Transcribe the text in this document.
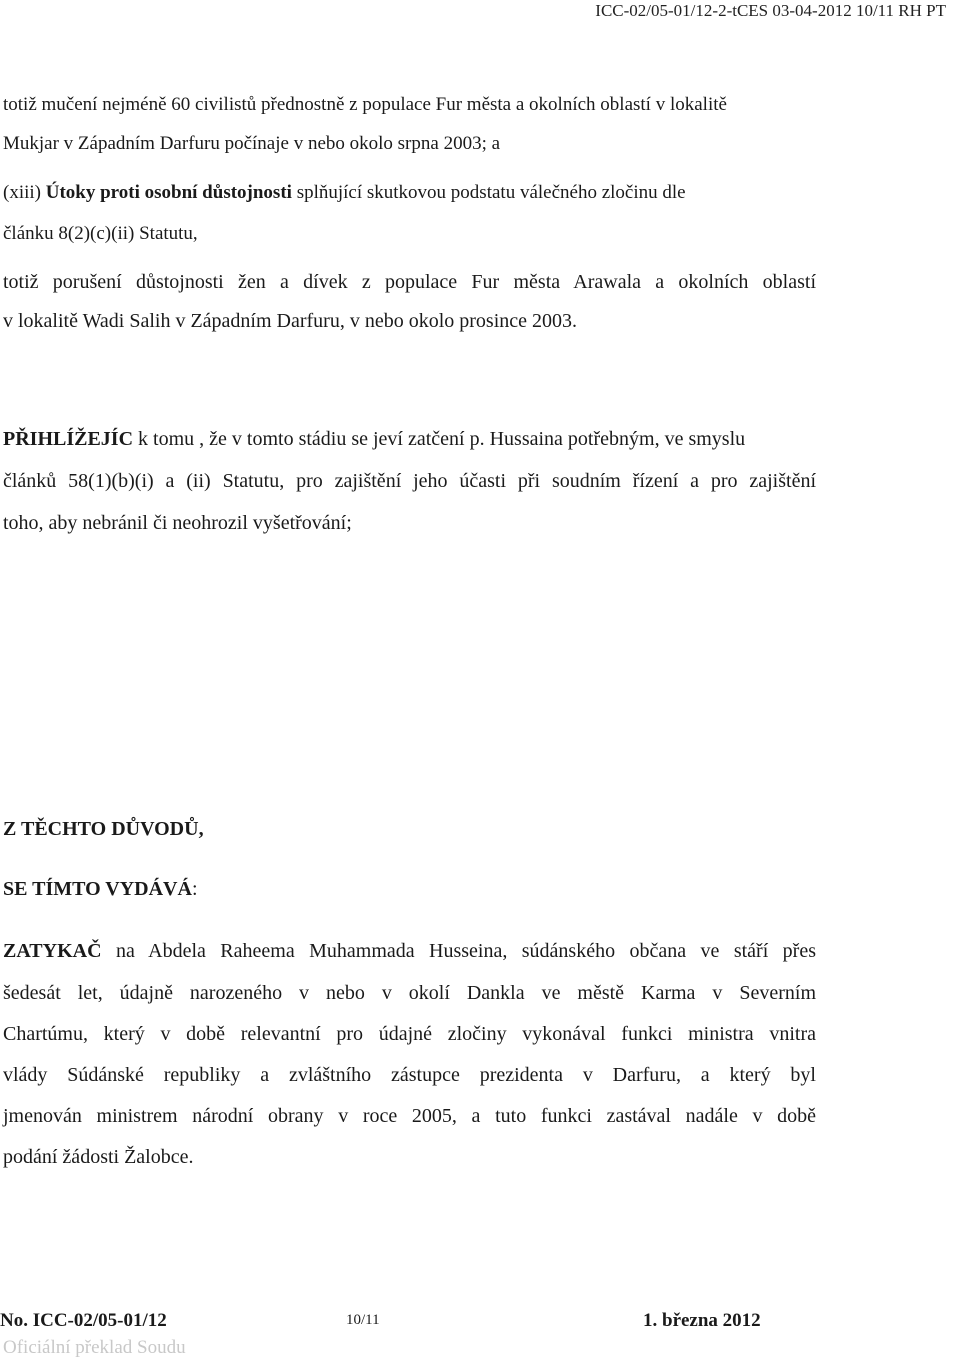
ICC-02/05-01/12-2-tCES 03-04-2012 10/11 RH PT
totiž mučení nejméně 60 civilistů přednostně z populace Fur města a okolních oblastí v lokalitě
Mukjar v Západním Darfuru počínaje v nebo okolo srpna 2003; a
(xiii) Útoky proti osobní důstojnosti splňující skutkovou podstatu válečného zločinu dle
článku 8(2)(c)(ii) Statutu,
totiž porušení důstojnosti žen a dívek z populace Fur města Arawala a okolních oblastí
v lokalitě Wadi Salih v Západním Darfuru, v nebo okolo prosince 2003.
PŘIHLÍŽEJÍC k tomu , že v tomto stádiu se jeví zatčení p. Hussaina potřebným, ve smyslu
článků 58(1)(b)(i) a (ii) Statutu, pro zajištění jeho účasti při soudním řízení a pro zajištění
toho, aby nebránil či neohrozil vyšetřování;
Z TĚCHTO DŮVODŮ,
SE TÍMTO VYDÁVÁ:
ZATYKAČ na Abdela Raheema Muhammada Husseina, súdánského občana ve stáří přes
šedesát let, údajně narozeného v nebo v okolí Dankla ve městě Karma v Severním
Chartúmu, který v době relevantní pro údajné zločiny vykonával funkci ministra vnitra
vlády Súdánské republiky a zvláštního zástupce prezidenta v Darfuru, a který byl
jmenován ministrem národní obrany v roce 2005, a tuto funkci zastával nadále v době
podání žádosti Žalobce.
No. ICC-02/05-01/12	10/11	1. března 2012
Oficiální překlad Soudu
